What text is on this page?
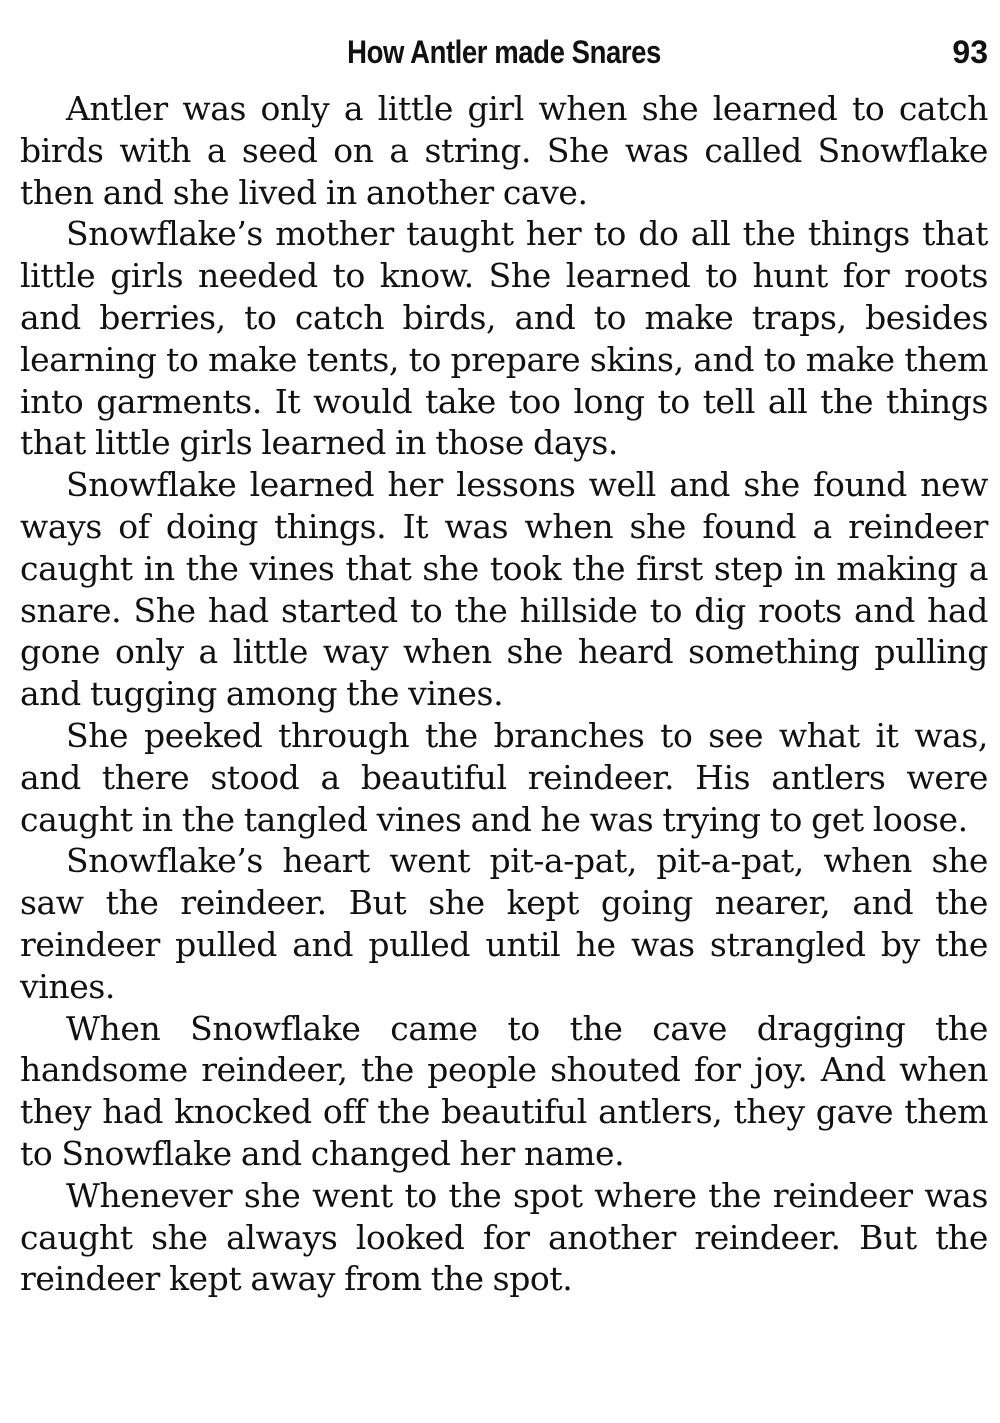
How Antler made Snares	93

Antler was only a little girl when she learned to catch birds with a seed on a string. She was called Snowflake then and she lived in another cave.

Snowflake’s mother taught her to do all the things that little girls needed to know. She learned to hunt for roots and berries, to catch birds, and to make traps, besides learning to make tents, to prepare skins, and to make them into garments. It would take too long to tell all the things that little girls learned in those days.

Snowflake learned her lessons well and she found new ways of doing things. It was when she found a reindeer caught in the vines that she took the first step in making a snare. She had started to the hillside to dig roots and had gone only a little way when she heard something pulling and tugging among the vines.

She peeked through the branches to see what it was, and there stood a beautiful reindeer. His antlers were caught in the tangled vines and he was trying to get loose.

Snowflake’s heart went pit-a-pat, pit-a-pat, when she saw the reindeer. But she kept going nearer, and the reindeer pulled and pulled until he was strangled by the vines.

When Snowflake came to the cave dragging the handsome reindeer, the people shouted for joy. And when they had knocked off the beautiful antlers, they gave them to Snowflake and changed her name.

Whenever she went to the spot where the reindeer was caught she always looked for another reindeer. But the reindeer kept away from the spot.
